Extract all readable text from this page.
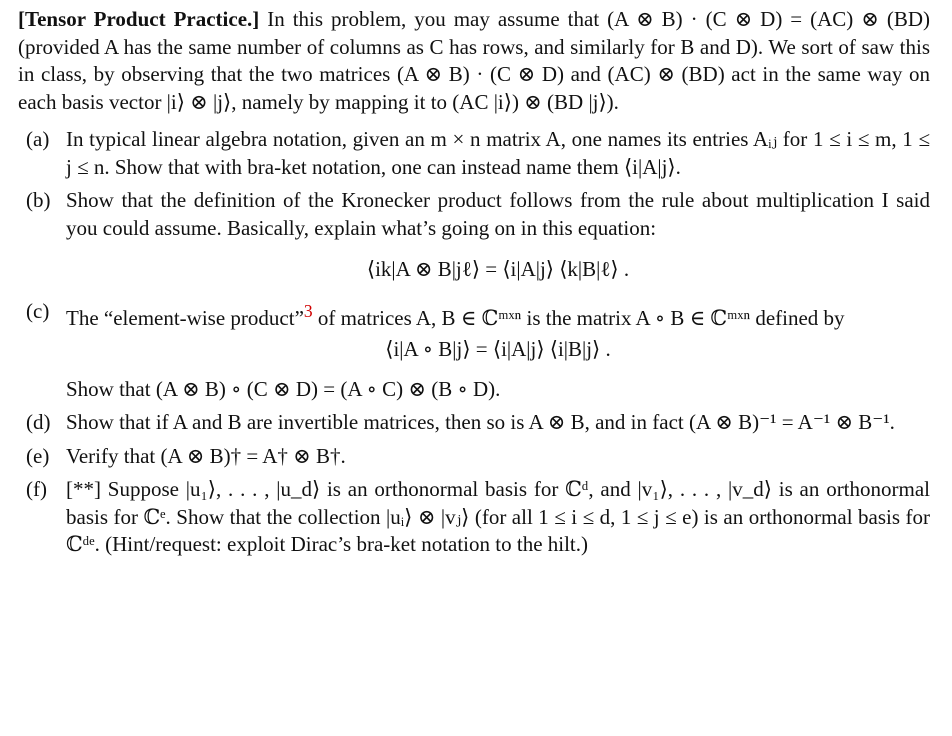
[Tensor Product Practice.] In this problem, you may assume that (A ⊗ B) · (C ⊗ D) = (AC) ⊗ (BD) (provided A has the same number of columns as C has rows, and similarly for B and D). We sort of saw this in class, by observing that the two matrices (A ⊗ B) · (C ⊗ D) and (AC) ⊗ (BD) act in the same way on each basis vector |i⟩ ⊗ |j⟩, namely by mapping it to (AC |i⟩) ⊗ (BD |j⟩).

(a) In typical linear algebra notation, given an m × n matrix A, one names its entries Aᵢⱼ for 1 ≤ i ≤ m, 1 ≤ j ≤ n. Show that with bra-ket notation, one can instead name them ⟨i|A|j⟩.

(b) Show that the definition of the Kronecker product follows from the rule about multiplication I said you could assume. Basically, explain what’s going on in this equation:

⟨ik|A ⊗ B|jℓ⟩ = ⟨i|A|j⟩ ⟨k|B|ℓ⟩ .
(c) The “element-wise product”$^3$ of matrices A, B ∈ ℂᵐˣⁿ is the matrix A ∘ B ∈ ℂᵐˣⁿ defined by

⟨i|A ∘ B|j⟩ = ⟨i|A|j⟩ ⟨i|B|j⟩ .

Show that (A ⊗ B) ∘ (C ⊗ D) = (A ∘ C) ⊗ (B ∘ D).

(d) Show that if A and B are invertible matrices, then so is A ⊗ B, and in fact (A ⊗ B)⁻¹ = A⁻¹ ⊗ B⁻¹.

(e) Verify that (A ⊗ B)† = A† ⊗ B†.

(f) [**] Suppose |u₁⟩, . . . , |u_d⟩ is an orthonormal basis for ℂᵈ, and |v₁⟩, . . . , |v_d⟩ is an orthonormal basis for ℂᵉ. Show that the collection |uᵢ⟩ ⊗ |vⱼ⟩ (for all 1 ≤ i ≤ d, 1 ≤ j ≤ e) is an orthonormal basis for ℂᵈᵉ. (Hint/request: exploit Dirac’s bra-ket notation to the hilt.)
